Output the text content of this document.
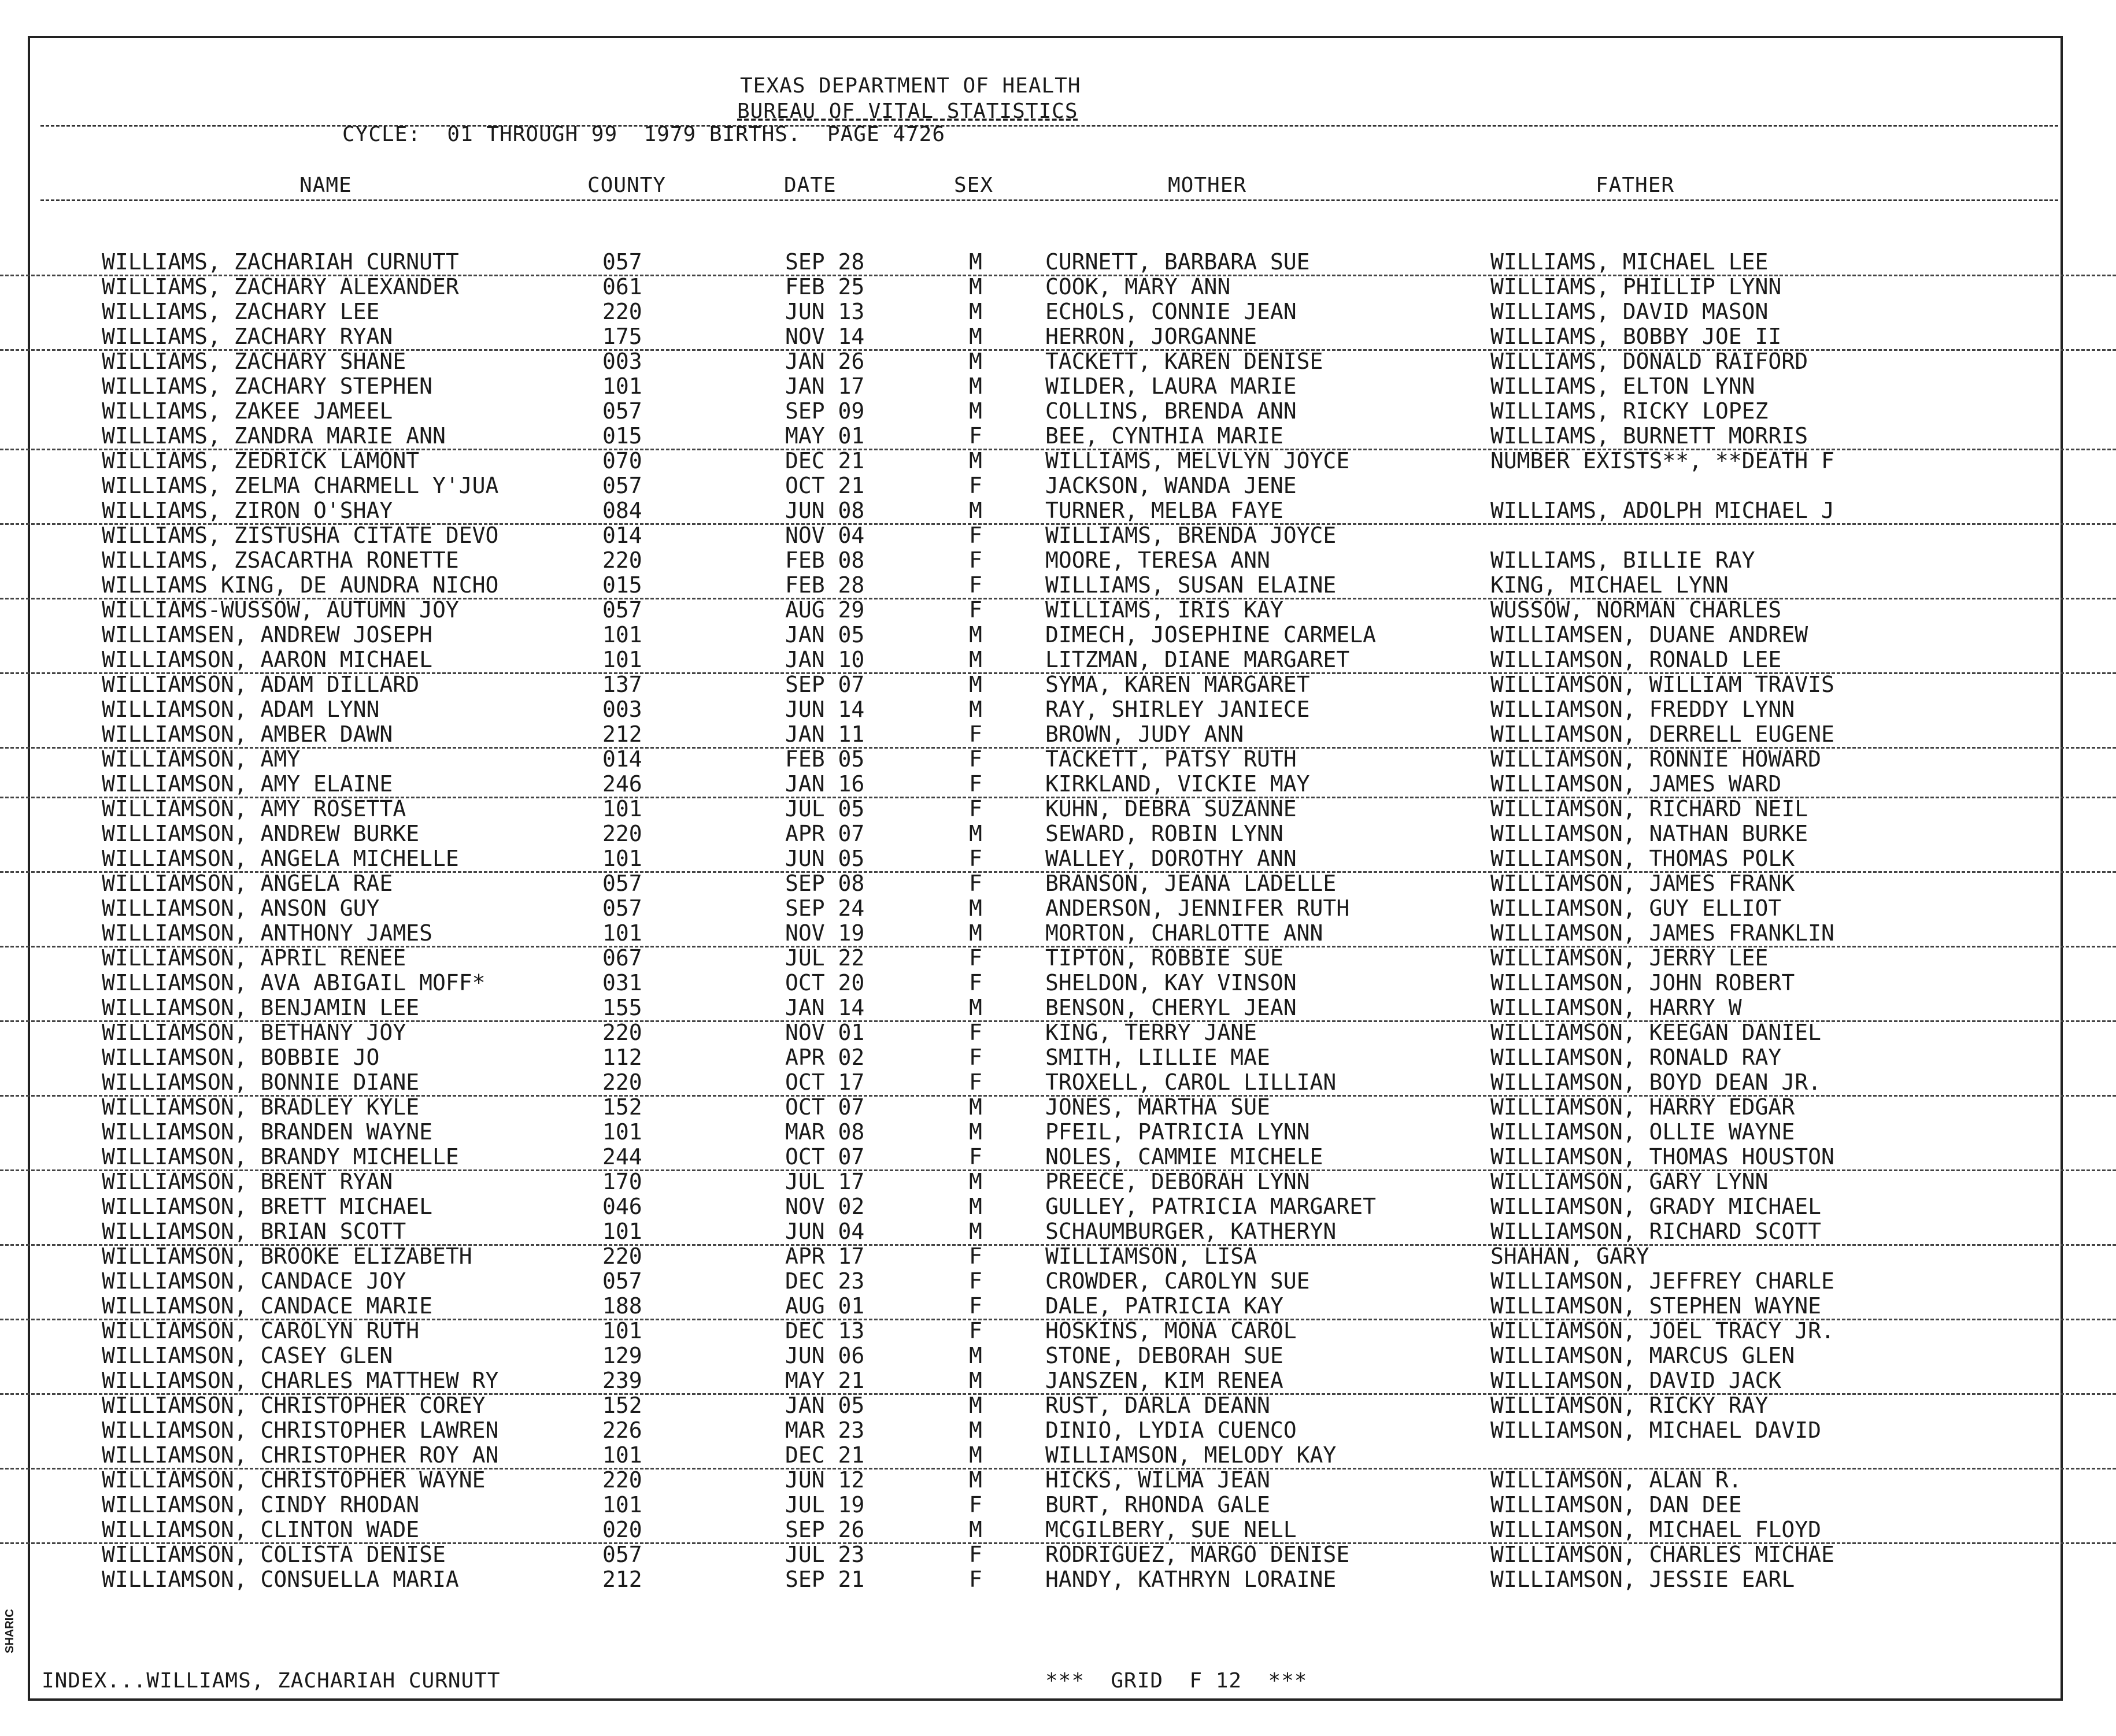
TEXAS DEPARTMENT OF HEALTH
BUREAU OF VITAL STATISTICS
CYCLE:  01 THROUGH 99  1979 BIRTHS.  PAGE 4726
NAME	COUNTY	DATE	SEX	MOTHER	FATHER
WILLIAMS, ZACHARIAH CURNUTT	057	SEP 28	M	CURNETT, BARBARA SUE	WILLIAMS, MICHAEL LEE
WILLIAMS, ZACHARY ALEXANDER	061	FEB 25	M	COOK, MARY ANN	WILLIAMS, PHILLIP LYNN
WILLIAMS, ZACHARY LEE	220	JUN 13	M	ECHOLS, CONNIE JEAN	WILLIAMS, DAVID MASON
WILLIAMS, ZACHARY RYAN	175	NOV 14	M	HERRON, JORGANNE	WILLIAMS, BOBBY JOE II
WILLIAMS, ZACHARY SHANE	003	JAN 26	M	TACKETT, KAREN DENISE	WILLIAMS, DONALD RAIFORD
WILLIAMS, ZACHARY STEPHEN	101	JAN 17	M	WILDER, LAURA MARIE	WILLIAMS, ELTON LYNN
WILLIAMS, ZAKEE JAMEEL	057	SEP 09	M	COLLINS, BRENDA ANN	WILLIAMS, RICKY LOPEZ
WILLIAMS, ZANDRA MARIE ANN	015	MAY 01	F	BEE, CYNTHIA MARIE	WILLIAMS, BURNETT MORRIS
WILLIAMS, ZEDRICK LAMONT	070	DEC 21	M	WILLIAMS, MELVLYN JOYCE	NUMBER EXISTS**, **DEATH F
WILLIAMS, ZELMA CHARMELL Y'JUA	057	OCT 21	F	JACKSON, WANDA JENE
WILLIAMS, ZIRON O'SHAY	084	JUN 08	M	TURNER, MELBA FAYE	WILLIAMS, ADOLPH MICHAEL J
WILLIAMS, ZISTUSHA CITATE DEVO	014	NOV 04	F	WILLIAMS, BRENDA JOYCE
WILLIAMS, ZSACARTHA RONETTE	220	FEB 08	F	MOORE, TERESA ANN	WILLIAMS, BILLIE RAY
WILLIAMS KING, DE AUNDRA NICHO	015	FEB 28	F	WILLIAMS, SUSAN ELAINE	KING, MICHAEL LYNN
WILLIAMS-WUSSOW, AUTUMN JOY	057	AUG 29	F	WILLIAMS, IRIS KAY	WUSSOW, NORMAN CHARLES
WILLIAMSEN, ANDREW JOSEPH	101	JAN 05	M	DIMECH, JOSEPHINE CARMELA	WILLIAMSEN, DUANE ANDREW
WILLIAMSON, AARON MICHAEL	101	JAN 10	M	LITZMAN, DIANE MARGARET	WILLIAMSON, RONALD LEE
WILLIAMSON, ADAM DILLARD	137	SEP 07	M	SYMA, KAREN MARGARET	WILLIAMSON, WILLIAM TRAVIS
WILLIAMSON, ADAM LYNN	003	JUN 14	M	RAY, SHIRLEY JANIECE	WILLIAMSON, FREDDY LYNN
WILLIAMSON, AMBER DAWN	212	JAN 11	F	BROWN, JUDY ANN	WILLIAMSON, DERRELL EUGENE
WILLIAMSON, AMY	014	FEB 05	F	TACKETT, PATSY RUTH	WILLIAMSON, RONNIE HOWARD
WILLIAMSON, AMY ELAINE	246	JAN 16	F	KIRKLAND, VICKIE MAY	WILLIAMSON, JAMES WARD
WILLIAMSON, AMY ROSETTA	101	JUL 05	F	KUHN, DEBRA SUZANNE	WILLIAMSON, RICHARD NEIL
WILLIAMSON, ANDREW BURKE	220	APR 07	M	SEWARD, ROBIN LYNN	WILLIAMSON, NATHAN BURKE
WILLIAMSON, ANGELA MICHELLE	101	JUN 05	F	WALLEY, DOROTHY ANN	WILLIAMSON, THOMAS POLK
WILLIAMSON, ANGELA RAE	057	SEP 08	F	BRANSON, JEANA LADELLE	WILLIAMSON, JAMES FRANK
WILLIAMSON, ANSON GUY	057	SEP 24	M	ANDERSON, JENNIFER RUTH	WILLIAMSON, GUY ELLIOT
WILLIAMSON, ANTHONY JAMES	101	NOV 19	M	MORTON, CHARLOTTE ANN	WILLIAMSON, JAMES FRANKLIN
WILLIAMSON, APRIL RENEE	067	JUL 22	F	TIPTON, ROBBIE SUE	WILLIAMSON, JERRY LEE
WILLIAMSON, AVA ABIGAIL MOFF*	031	OCT 20	F	SHELDON, KAY VINSON	WILLIAMSON, JOHN ROBERT
WILLIAMSON, BENJAMIN LEE	155	JAN 14	M	BENSON, CHERYL JEAN	WILLIAMSON, HARRY W
WILLIAMSON, BETHANY JOY	220	NOV 01	F	KING, TERRY JANE	WILLIAMSON, KEEGAN DANIEL
WILLIAMSON, BOBBIE JO	112	APR 02	F	SMITH, LILLIE MAE	WILLIAMSON, RONALD RAY
WILLIAMSON, BONNIE DIANE	220	OCT 17	F	TROXELL, CAROL LILLIAN	WILLIAMSON, BOYD DEAN JR.
WILLIAMSON, BRADLEY KYLE	152	OCT 07	M	JONES, MARTHA SUE	WILLIAMSON, HARRY EDGAR
WILLIAMSON, BRANDEN WAYNE	101	MAR 08	M	PFEIL, PATRICIA LYNN	WILLIAMSON, OLLIE WAYNE
WILLIAMSON, BRANDY MICHELLE	244	OCT 07	F	NOLES, CAMMIE MICHELE	WILLIAMSON, THOMAS HOUSTON
WILLIAMSON, BRENT RYAN	170	JUL 17	M	PREECE, DEBORAH LYNN	WILLIAMSON, GARY LYNN
WILLIAMSON, BRETT MICHAEL	046	NOV 02	M	GULLEY, PATRICIA MARGARET	WILLIAMSON, GRADY MICHAEL
WILLIAMSON, BRIAN SCOTT	101	JUN 04	M	SCHAUMBURGER, KATHERYN	WILLIAMSON, RICHARD SCOTT
WILLIAMSON, BROOKE ELIZABETH	220	APR 17	F	WILLIAMSON, LISA	SHAHAN, GARY
WILLIAMSON, CANDACE JOY	057	DEC 23	F	CROWDER, CAROLYN SUE	WILLIAMSON, JEFFREY CHARLE
WILLIAMSON, CANDACE MARIE	188	AUG 01	F	DALE, PATRICIA KAY	WILLIAMSON, STEPHEN WAYNE
WILLIAMSON, CAROLYN RUTH	101	DEC 13	F	HOSKINS, MONA CAROL	WILLIAMSON, JOEL TRACY JR.
WILLIAMSON, CASEY GLEN	129	JUN 06	M	STONE, DEBORAH SUE	WILLIAMSON, MARCUS GLEN
WILLIAMSON, CHARLES MATTHEW RY	239	MAY 21	M	JANSZEN, KIM RENEA	WILLIAMSON, DAVID JACK
WILLIAMSON, CHRISTOPHER COREY	152	JAN 05	M	RUST, DARLA DEANN	WILLIAMSON, RICKY RAY
WILLIAMSON, CHRISTOPHER LAWREN	226	MAR 23	M	DINIO, LYDIA CUENCO	WILLIAMSON, MICHAEL DAVID
WILLIAMSON, CHRISTOPHER ROY AN	101	DEC 21	M	WILLIAMSON, MELODY KAY
WILLIAMSON, CHRISTOPHER WAYNE	220	JUN 12	M	HICKS, WILMA JEAN	WILLIAMSON, ALAN R.
WILLIAMSON, CINDY RHODAN	101	JUL 19	F	BURT, RHONDA GALE	WILLIAMSON, DAN DEE
WILLIAMSON, CLINTON WADE	020	SEP 26	M	MCGILBERY, SUE NELL	WILLIAMSON, MICHAEL FLOYD
WILLIAMSON, COLISTA DENISE	057	JUL 23	F	RODRIGUEZ, MARGO DENISE	WILLIAMSON, CHARLES MICHAE
WILLIAMSON, CONSUELLA MARIA	212	SEP 21	F	HANDY, KATHRYN LORAINE	WILLIAMSON, JESSIE EARL
INDEX...WILLIAMS, ZACHARIAH CURNUTT	***  GRID  F 12  ***
SHARIC
